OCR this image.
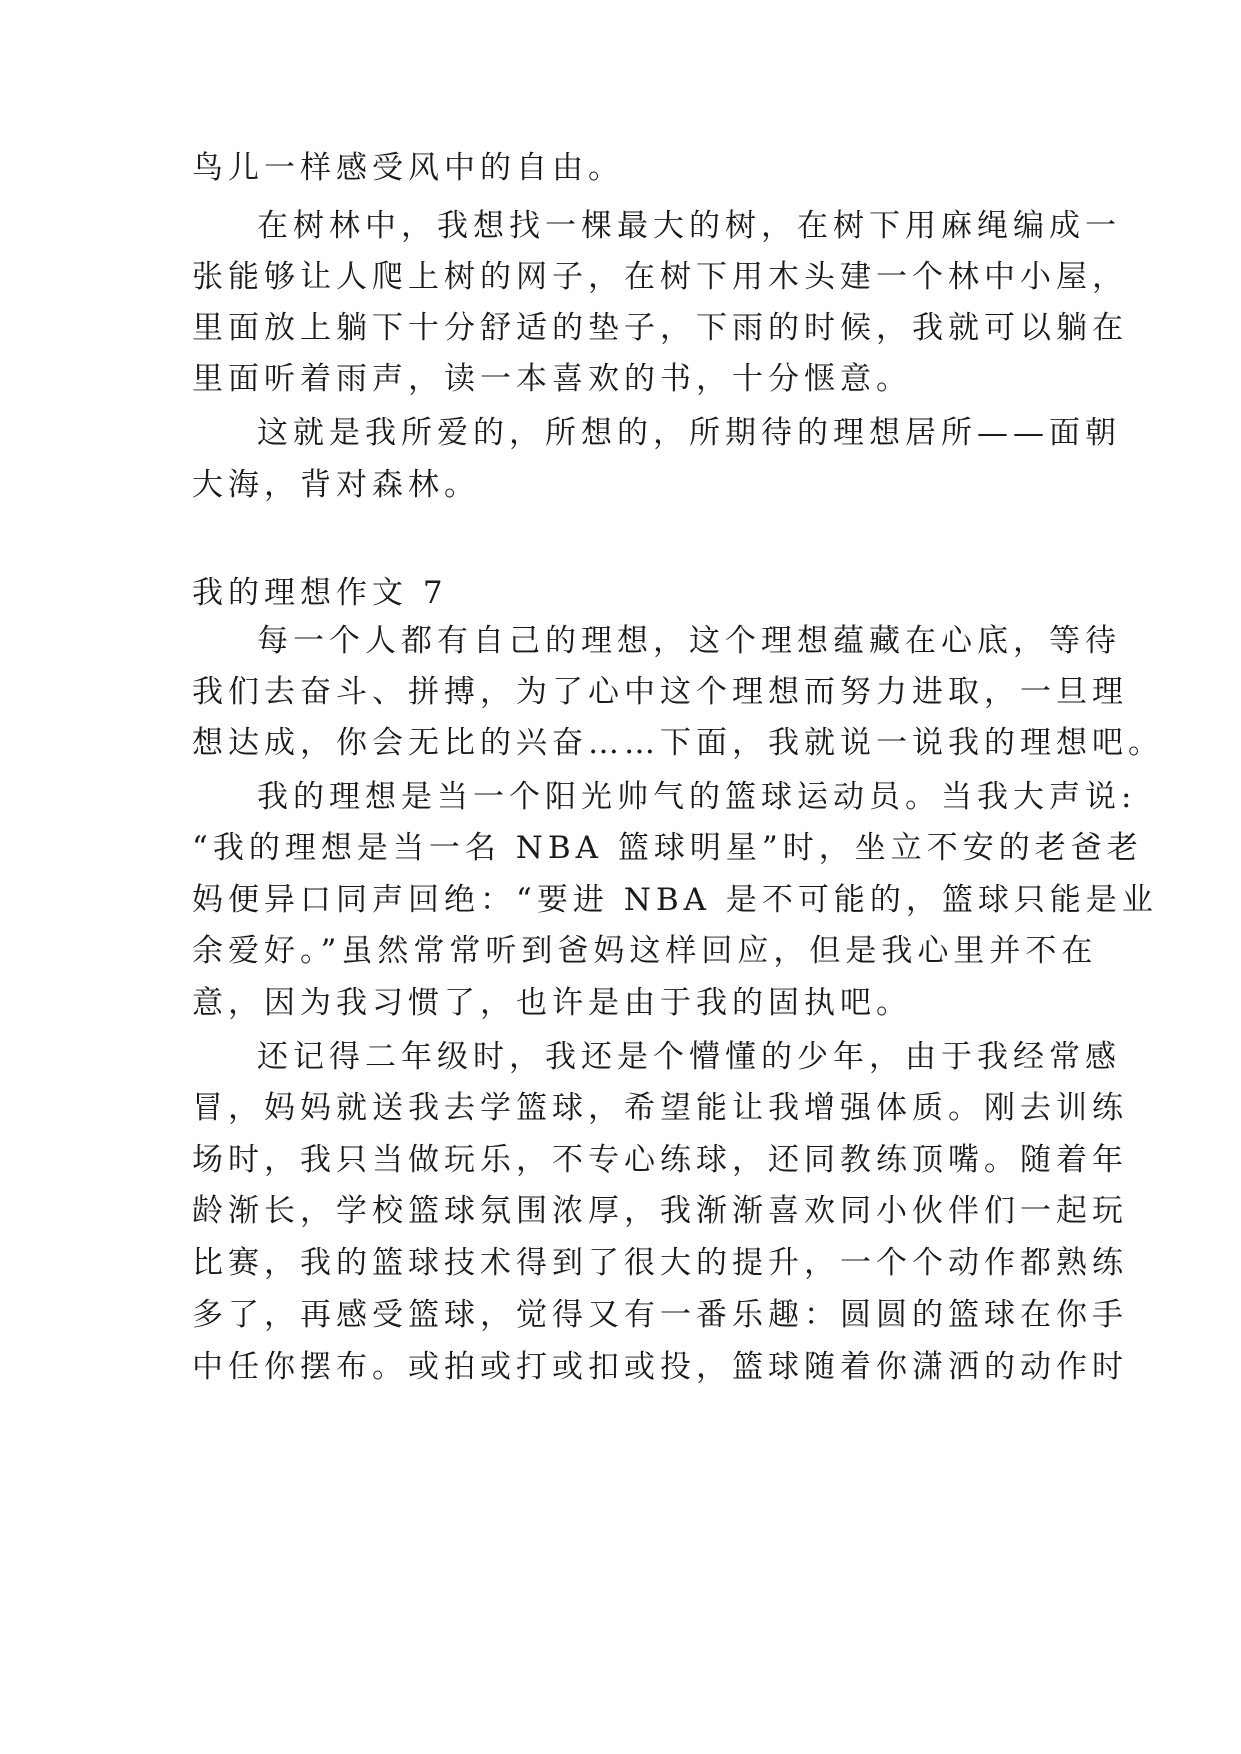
鸟儿一样感受风中的自由。
在树林中，我想找一棵最大的树，在树下用麻绳编成一
张能够让人爬上树的网子，在树下用木头建一个林中小屋，
里面放上躺下十分舒适的垫子，下雨的时候，我就可以躺在
里面听着雨声，读一本喜欢的书，十分惬意。
这就是我所爱的，所想的，所期待的理想居所——面朝
大海，背对森林。
我的理想作文 7
每一个人都有自己的理想，这个理想蕴藏在心底，等待
我们去奋斗、拼搏，为了心中这个理想而努力进取，一旦理
想达成，你会无比的兴奋……下面，我就说一说我的理想吧。
我的理想是当一个阳光帅气的篮球运动员。当我大声说:
“我的理想是当一名 NBA 篮球明星”时，坐立不安的老爸老
妈便异口同声回绝：“要进 NBA 是不可能的，篮球只能是业
余爱好。”虽然常常听到爸妈这样回应，但是我心里并不在
意，因为我习惯了，也许是由于我的固执吧。
还记得二年级时，我还是个懵懂的少年，由于我经常感
冒，妈妈就送我去学篮球，希望能让我增强体质。刚去训练
场时，我只当做玩乐，不专心练球，还同教练顶嘴。随着年
龄渐长，学校篮球氛围浓厚，我渐渐喜欢同小伙伴们一起玩
比赛，我的篮球技术得到了很大的提升，一个个动作都熟练
多了，再感受篮球，觉得又有一番乐趣：圆圆的篮球在你手
中任你摆布。或拍或打或扣或投，篮球随着你潇洒的动作时
